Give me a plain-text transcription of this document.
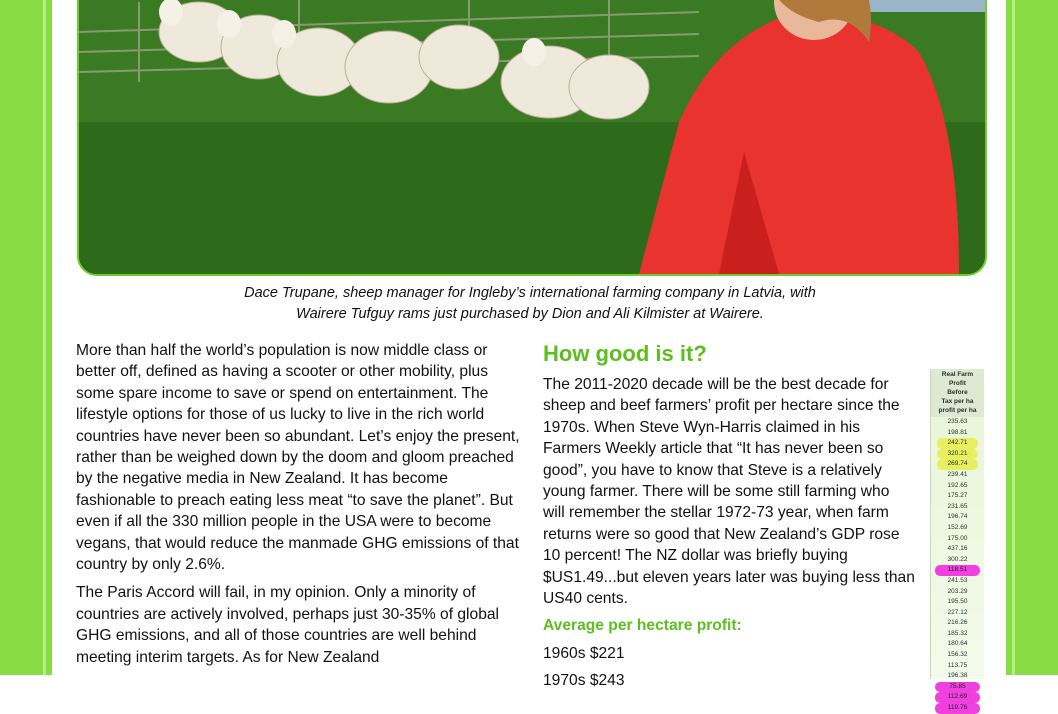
Dace Trupane, sheep manager for Ingleby’s international farming company in Latvia, with
Wairere Tufguy rams just purchased by Dion and Ali Kilmister at Wairere.

More than half the world’s population is now middle class or better off, defined as having a scooter or other mobility, plus some spare income to save or spend on entertainment. The lifestyle options for those of us lucky to live in the rich world countries have never been so abundant. Let’s enjoy the present, rather than be weighed down by the doom and gloom preached by the negative media in New Zealand. It has become fashionable to preach eating less meat “to save the planet”. But even if all the 330 million people in the USA were to become vegans, that would reduce the manmade GHG emissions of that country by only 2.6%.

The Paris Accord will fail, in my opinion. Only a minority of countries are actively involved, perhaps just 30-35% of global GHG emissions, and all of those countries are well behind meeting interim targets. As for New Zealand

How good is it?

The 2011-2020 decade will be the best decade for sheep and beef farmers’ profit per hectare since the 1970s. When Steve Wyn-Harris claimed in his Farmers Weekly article that “It has never been so good”, you have to know that Steve is a relatively young farmer. There will be some still farming who will remember the stellar 1972-73 year, when farm returns were so good that New Zealand’s GDP rose 10 percent! The NZ dollar was briefly buying $US1.49...but eleven years later was buying less than US40 cents.

Average per hectare profit:
1960s $221
1970s $243
Real Farm
Profit
Before
Tax per ha
profit per ha
235.63
198.81
242.71
320.21
269.74
239.41
192.65
175.27
231.65
196.74
152.69
175.00
437.16
300.22
118.51
241.53
203.29
195.50
227.12
216.26
185.32
180.64
156.32
113.75
196.38
75.85
112.69
119.76
